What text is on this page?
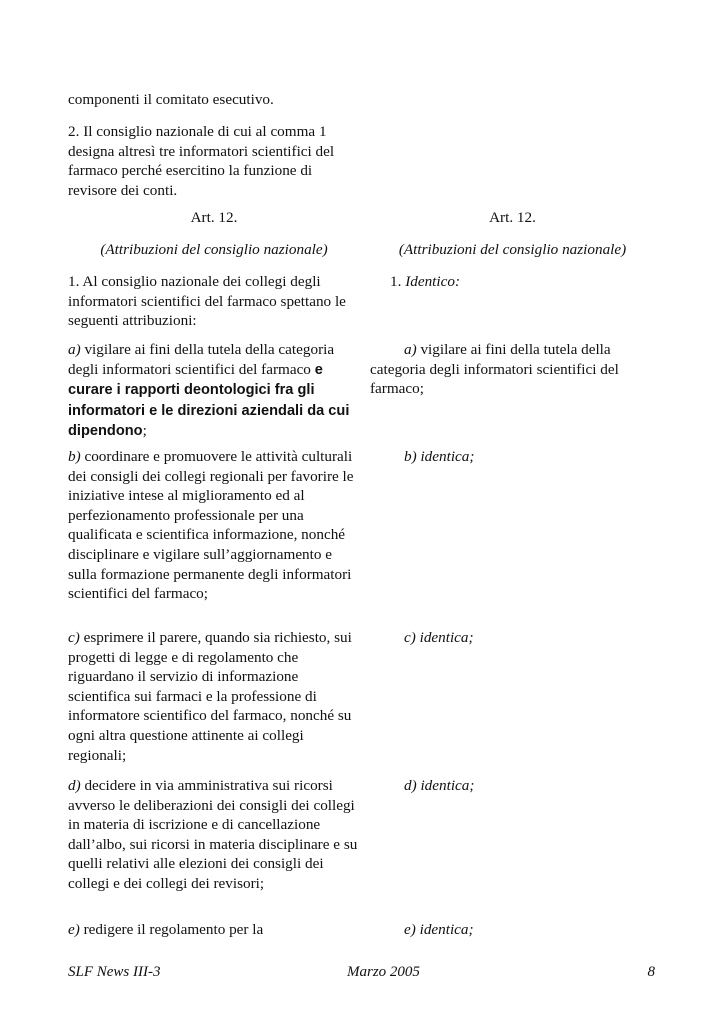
componenti il comitato esecutivo.

2. Il consiglio nazionale di cui al comma 1 designa altresì tre informatori scientifici del farmaco perché esercitino la funzione di revisore dei conti.

Art. 12.

(Attribuzioni del consiglio nazionale)

1. Al consiglio nazionale dei collegi degli informatori scientifici del farmaco spettano le seguenti attribuzioni:

a) vigilare ai fini della tutela della categoria degli informatori scientifici del farmaco e curare i rapporti deontologici fra gli informatori e le direzioni aziendali da cui dipendono;

b) coordinare e promuovere le attività culturali dei consigli dei collegi regionali per favorire le iniziative intese al miglioramento ed al perfezionamento professionale per una qualificata e scientifica informazione, nonché disciplinare e vigilare sull’aggiornamento e sulla formazione permanente degli informatori scientifici del farmaco;

c) esprimere il parere, quando sia richiesto, sui progetti di legge e di regolamento che riguardano il servizio di informazione scientifica sui farmaci e la professione di informatore scientifico del farmaco, nonché su ogni altra questione attinente ai collegi regionali;

d) decidere in via amministrativa sui ricorsi avverso le deliberazioni dei consigli dei collegi in materia di iscrizione e di cancellazione dall’albo, sui ricorsi in materia disciplinare e su quelli relativi alle elezioni dei consigli dei collegi e dei collegi dei revisori;

e) redigere il regolamento per la

Art. 12.

(Attribuzioni del consiglio nazionale)

1. Identico:

a) vigilare ai fini della tutela della categoria degli informatori scientifici del farmaco;

b) identica;

c) identica;

d) identica;

e) identica;

SLF News III-3	Marzo 2005	8
